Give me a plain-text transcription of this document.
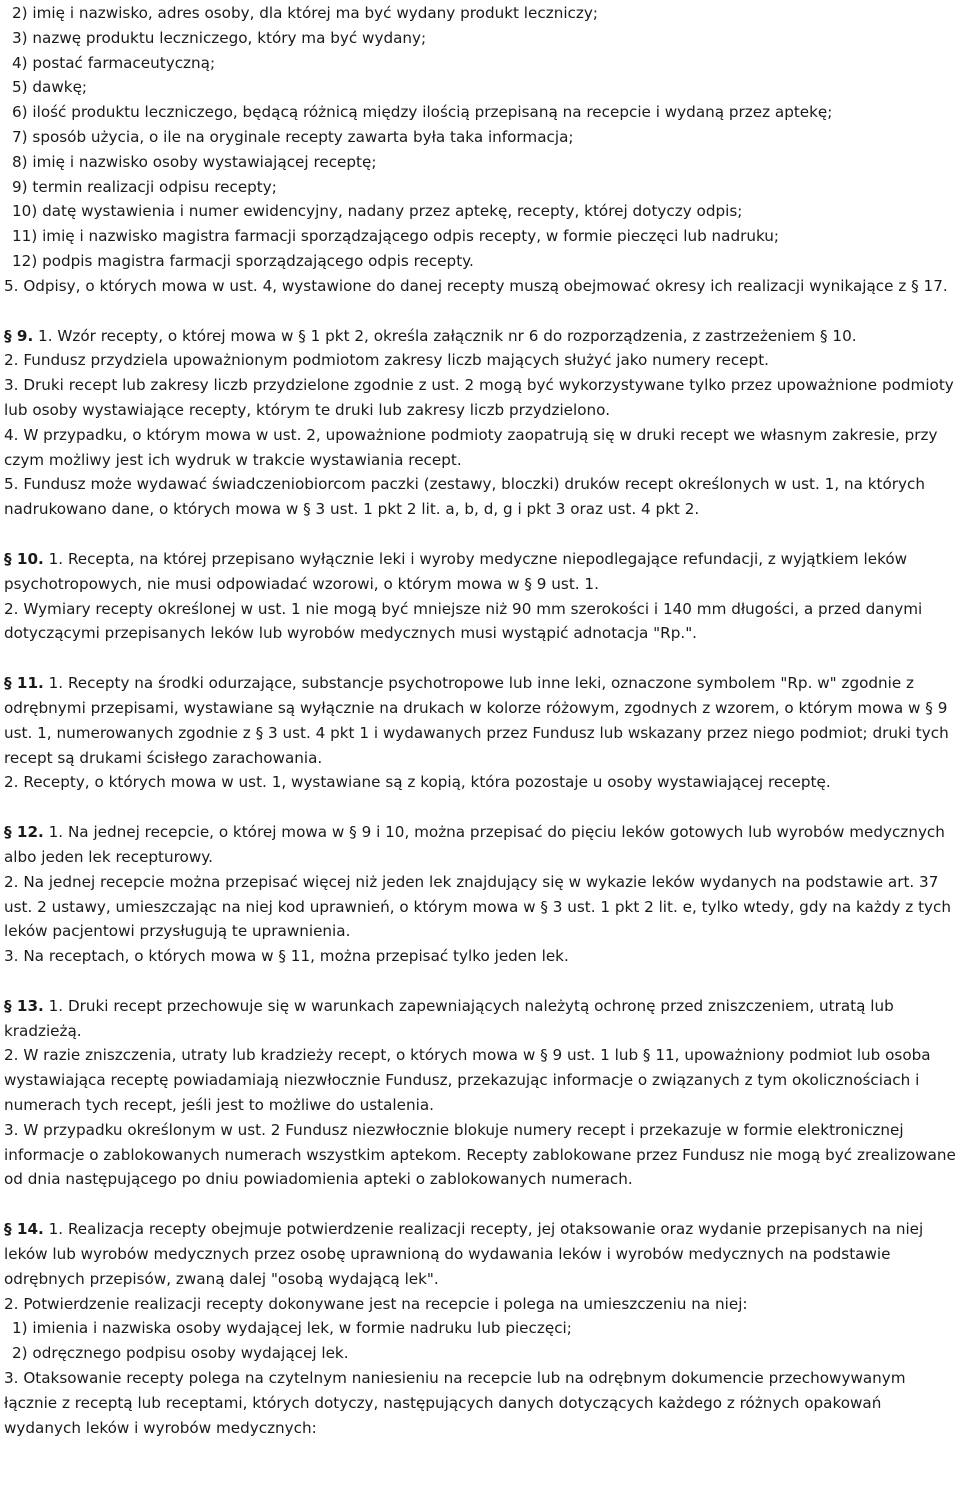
2) imię i nazwisko, adres osoby, dla której ma być wydany produkt leczniczy;
3) nazwę produktu leczniczego, który ma być wydany;
4) postać farmaceutyczną;
5) dawkę;
6) ilość produktu leczniczego, będącą różnicą między ilością przepisaną na recepcie i wydaną przez aptekę;
7) sposób użycia, o ile na oryginale recepty zawarta była taka informacja;
8) imię i nazwisko osoby wystawiającej receptę;
9) termin realizacji odpisu recepty;
10) datę wystawienia i numer ewidencyjny, nadany przez aptekę, recepty, której dotyczy odpis;
11) imię i nazwisko magistra farmacji sporządzającego odpis recepty, w formie pieczęci lub nadruku;
12) podpis magistra farmacji sporządzającego odpis recepty.
5. Odpisy, o których mowa w ust. 4, wystawione do danej recepty muszą obejmować okresy ich realizacji wynikające z § 17.
§ 9. 1. Wzór recepty, o której mowa w § 1 pkt 2, określa załącznik nr 6 do rozporządzenia, z zastrzeżeniem § 10.
2. Fundusz przydziela upoważnionym podmiotom zakresy liczb mających służyć jako numery recept.
3. Druki recept lub zakresy liczb przydzielone zgodnie z ust. 2 mogą być wykorzystywane tylko przez upoważnione podmioty lub osoby wystawiające recepty, którym te druki lub zakresy liczb przydzielono.
4. W przypadku, o którym mowa w ust. 2, upoważnione podmioty zaopatrują się w druki recept we własnym zakresie, przy czym możliwy jest ich wydruk w trakcie wystawiania recept.
5. Fundusz może wydawać świadczeniobiorcom paczki (zestawy, bloczki) druków recept określonych w ust. 1, na których nadrukowano dane, o których mowa w § 3 ust. 1 pkt 2 lit. a, b, d, g i pkt 3 oraz ust. 4 pkt 2.
§ 10. 1. Recepta, na której przepisano wyłącznie leki i wyroby medyczne niepodlegające refundacji, z wyjątkiem leków psychotropowych, nie musi odpowiadać wzorowi, o którym mowa w § 9 ust. 1.
2. Wymiary recepty określonej w ust. 1 nie mogą być mniejsze niż 90 mm szerokości i 140 mm długości, a przed danymi dotyczącymi przepisanych leków lub wyrobów medycznych musi wystąpić adnotacja "Rp.".
§ 11. 1. Recepty na środki odurzające, substancje psychotropowe lub inne leki, oznaczone symbolem "Rp. w" zgodnie z odrębnymi przepisami, wystawiane są wyłącznie na drukach w kolorze różowym, zgodnych z wzorem, o którym mowa w § 9 ust. 1, numerowanych zgodnie z § 3 ust. 4 pkt 1 i wydawanych przez Fundusz lub wskazany przez niego podmiot; druki tych recept są drukami ścisłego zarachowania.
2. Recepty, o których mowa w ust. 1, wystawiane są z kopią, która pozostaje u osoby wystawiającej receptę.
§ 12. 1. Na jednej recepcie, o której mowa w § 9 i 10, można przepisać do pięciu leków gotowych lub wyrobów medycznych albo jeden lek recepturowy.
2. Na jednej recepcie można przepisać więcej niż jeden lek znajdujący się w wykazie leków wydanych na podstawie art. 37 ust. 2 ustawy, umieszczając na niej kod uprawnień, o którym mowa w § 3 ust. 1 pkt 2 lit. e, tylko wtedy, gdy na każdy z tych leków pacjentowi przysługują te uprawnienia.
3. Na receptach, o których mowa w § 11, można przepisać tylko jeden lek.
§ 13. 1. Druki recept przechowuje się w warunkach zapewniających należytą ochronę przed zniszczeniem, utratą lub kradzieżą.
2. W razie zniszczenia, utraty lub kradzieży recept, o których mowa w § 9 ust. 1 lub § 11, upoważniony podmiot lub osoba wystawiająca receptę powiadamiają niezwłocznie Fundusz, przekazując informacje o związanych z tym okolicznościach i numerach tych recept, jeśli jest to możliwe do ustalenia.
3. W przypadku określonym w ust. 2 Fundusz niezwłocznie blokuje numery recept i przekazuje w formie elektronicznej informacje o zablokowanych numerach wszystkim aptekom. Recepty zablokowane przez Fundusz nie mogą być zrealizowane od dnia następującego po dniu powiadomienia apteki o zablokowanych numerach.
§ 14. 1. Realizacja recepty obejmuje potwierdzenie realizacji recepty, jej otaksowanie oraz wydanie przepisanych na niej leków lub wyrobów medycznych przez osobę uprawnioną do wydawania leków i wyrobów medycznych na podstawie odrębnych przepisów, zwaną dalej "osobą wydającą lek".
2. Potwierdzenie realizacji recepty dokonywane jest na recepcie i polega na umieszczeniu na niej:
1) imienia i nazwiska osoby wydającej lek, w formie nadruku lub pieczęci;
2) odręcznego podpisu osoby wydającej lek.
3. Otaksowanie recepty polega na czytelnym naniesieniu na recepcie lub na odrębnym dokumencie przechowywanym łącznie z receptą lub receptami, których dotyczy, następujących danych dotyczących każdego z różnych opakowań wydanych leków i wyrobów medycznych:
